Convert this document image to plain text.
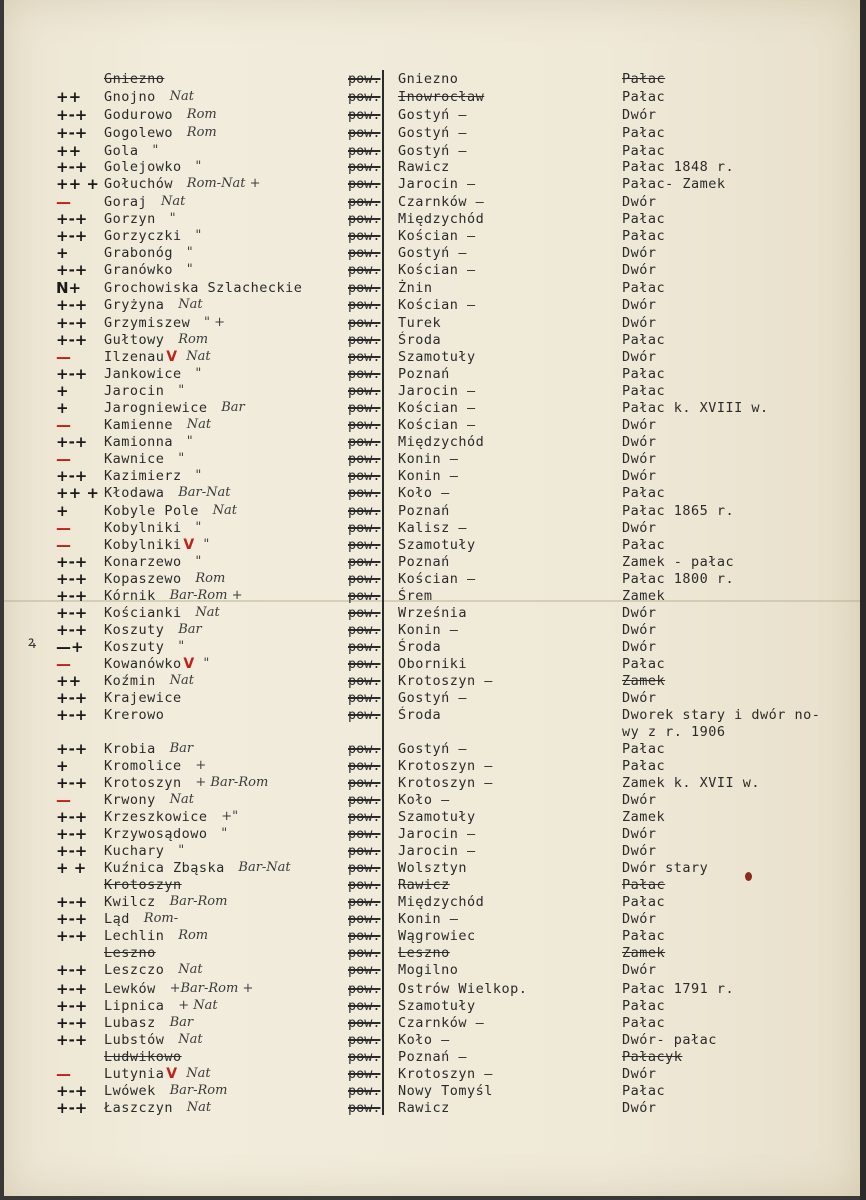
ꝝ
Gniezno	pow. Gniezno	Pałac
++	Gnojno Nat	pow. Inowrocław	Pałac
+-+	Godurowo Rom	pow. Gostyń —	Dwór
+-+	Gogolewo Rom	pow. Gostyń —	Pałac
++	Gola "	pow. Gostyń —	Pałac
+-+	Golejowko "	pow. Rawicz	Pałac 1848 r.
++ + Gołuchów Rom-Nat +	pow. Jarocin —	Pałac- Zamek
—	Goraj Nat	pow. Czarnków —	Dwór
+-+	Gorzyn "	pow. Międzychód	Pałac
+-+	Gorzyczki "	pow. Kościan —	Pałac
+	Grabonóg "	pow. Gostyń —	Dwór
+-+	Granówko "	pow. Kościan —	Dwór
N+	Grochowiska Szlacheckie	pow. Żnin	Pałac
+-+	Gryżyna Nat	pow. Kościan —	Dwór
+-+	Grzymiszew " +	pow. Turek	Dwór
+-+	Gułtowy Rom	pow. Środa	Pałac
—	Ilzenau V Nat	pow. Szamotuły	Dwór
+-+	Jankowice "	pow. Poznań	Pałac
+	Jarocin "	pow. Jarocin —	Pałac
+	Jarogniewice Bar	pow. Kościan —	Pałac k. XVIII w.
—	Kamienne Nat	pow. Kościan —	Dwór
+-+	Kamionna "	pow. Międzychód	Dwór
—	Kawnice "	pow. Konin —	Dwór
+-+	Kazimierz "	pow. Konin —	Dwór
++ + Kłodawa Bar-Nat	pow. Koło —	Pałac
+	Kobyle Pole Nat	pow. Poznań	Pałac 1865 r.
—	Kobylniki "	pow. Kalisz —	Dwór
—	Kobylniki V "	pow. Szamotuły	Pałac
+-+	Konarzewo "	pow. Poznań	Zamek - pałac
+-+	Kopaszewo Rom	pow. Kościan —	Pałac 1800 r.
+-+	Kórnik Bar-Rom +	pow. Śrem	Zamek
+-+	Kościanki Nat	pow. Września	Dwór
+-+	Koszuty Bar	pow. Konin —	Dwór
—+	Koszuty "	pow. Środa	Dwór
—	Kowanówko V "	pow. Oborniki	Pałac
++	Koźmin Nat	pow. Krotoszyn —	Zamek
+-+	Krajewice	pow. Gostyń —	Dwór
+-+	Krerowo	pow. Środa	Dworek stary i dwór no-
wy z r. 1906
+-+	Krobia Bar	pow. Gostyń —	Pałac
+	Kromolice +	pow. Krotoszyn —	Pałac
+-+	Krotoszyn + Bar-Rom	pow. Krotoszyn —	Zamek k. XVII w.
—	Krwony Nat	pow. Koło —	Dwór
+-+	Krzeszkowice +"	pow. Szamotuły	Zamek
+-+	Krzywosądowo "	pow. Jarocin —	Dwór
+-+	Kuchary "	pow. Jarocin —	Dwór
+ +	Kuźnica Zbąska Bar-Nat	pow. Wolsztyn	Dwór stary
Krotoszyn	pow. Rawicz	Pałac
+-+	Kwilcz Bar-Rom	pow. Międzychód	Pałac
+-+	Ląd Rom-	pow. Konin —	Dwór
+-+	Lechlin Rom	pow. Wągrowiec	Pałac
Leszno	pow. Leszno	Zamek
+-+	Leszczo Nat	pow. Mogilno	Dwór
+-+	Lewków +Bar-Rom +	pow. Ostrów Wielkop.	Pałac 1791 r.
+-+	Lipnica + Nat	pow. Szamotuły	Pałac
+-+	Lubasz Bar	pow. Czarnków —	Pałac
+-+	Lubstów Nat	pow. Koło —	Dwór- pałac
Ludwikowo	pow. Poznań —	Pałacyk
—	Lutynia V Nat	pow. Krotoszyn —	Dwór
+-+	Lwówek Bar-Rom	pow. Nowy Tomyśl	Pałac
+-+	Łaszczyn Nat	pow. Rawicz	Dwór
